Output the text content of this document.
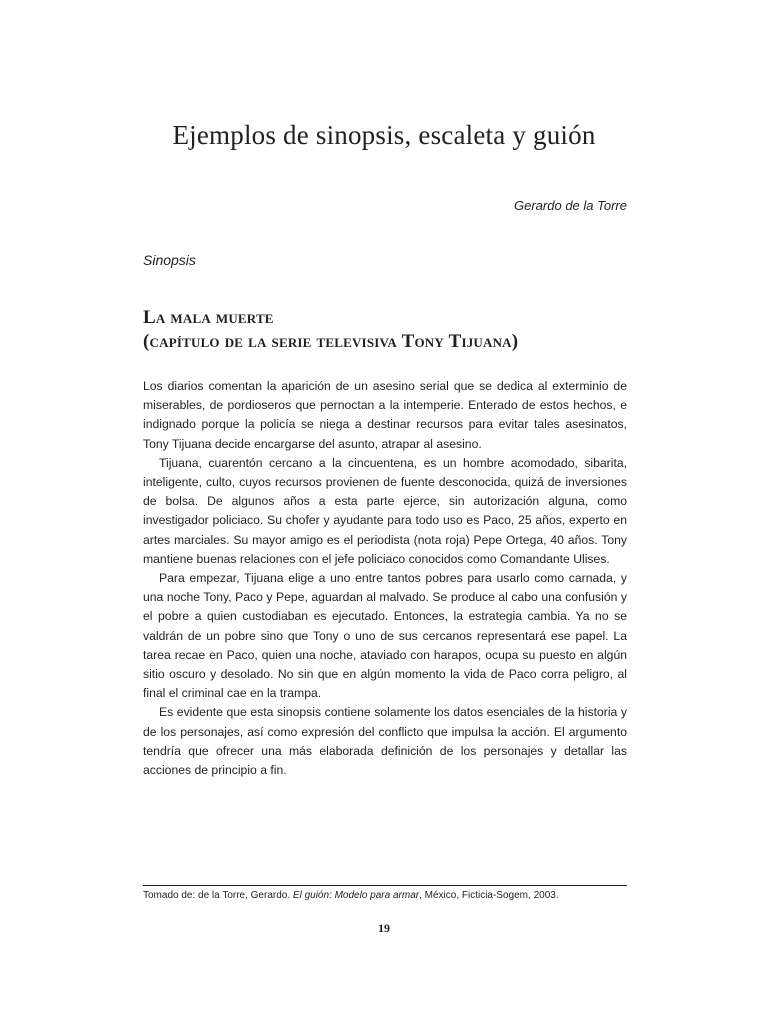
Ejemplos de sinopsis, escaleta y guión
Gerardo de la Torre
Sinopsis
La mala muerte
(capítulo de la serie televisiva Tony Tijuana)

Los diarios comentan la aparición de un asesino serial que se dedica al exterminio de miserables, de pordioseros que pernoctan a la intemperie. Enterado de estos hechos, e indignado porque la policía se niega a destinar recursos para evitar tales asesinatos, Tony Tijuana decide encargarse del asunto, atrapar al asesino.

Tijuana, cuarentón cercano a la cincuentena, es un hombre acomodado, sibarita, inteligente, culto, cuyos recursos provienen de fuente desconocida, quizá de inversiones de bolsa. De algunos años a esta parte ejerce, sin autorización alguna, como investigador policiaco. Su chofer y ayudante para todo uso es Paco, 25 años, experto en artes marciales. Su mayor amigo es el periodista (nota roja) Pepe Ortega, 40 años. Tony mantiene buenas relaciones con el jefe policiaco conocidos como Comandante Ulises.

Para empezar, Tijuana elige a uno entre tantos pobres para usarlo como carnada, y una noche Tony, Paco y Pepe, aguardan al malvado. Se produce al cabo una confusión y el pobre a quien custodiaban es ejecutado. Entonces, la estrategia cambia. Ya no se valdrán de un pobre sino que Tony o uno de sus cercanos representará ese papel. La tarea recae en Paco, quien una noche, ataviado con harapos, ocupa su puesto en algún sitio oscuro y desolado. No sin que en algún momento la vida de Paco corra peligro, al final el criminal cae en la trampa.

Es evidente que esta sinopsis contiene solamente los datos esenciales de la historia y de los personajes, así como expresión del conflicto que impulsa la acción. El argumento tendría que ofrecer una más elaborada definición de los personajes y detallar las acciones de principio a fin.

Tomado de: de la Torre, Gerardo. El guión: Modelo para armar, México, Ficticia-Sogem, 2003.
19
